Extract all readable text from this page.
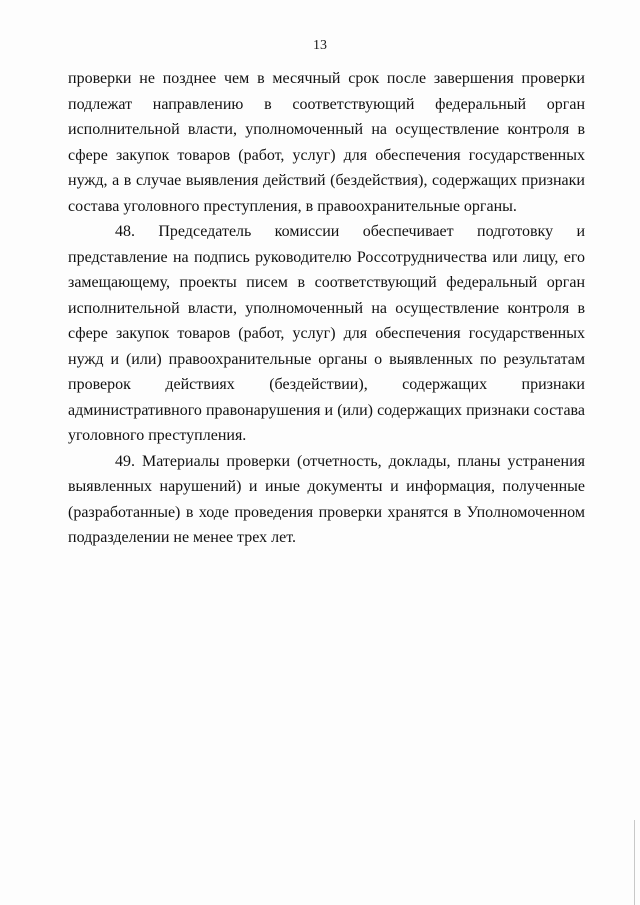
13

проверки не позднее чем в месячный срок после завершения проверки подлежат направлению в соответствующий федеральный орган исполнительной власти, уполномоченный на осуществление контроля в сфере закупок товаров (работ, услуг) для обеспечения государственных нужд, а в случае выявления действий (бездействия), содержащих признаки состава уголовного преступления, в правоохранительные органы.

48. Председатель комиссии обеспечивает подготовку и представление на подпись руководителю Россотрудничества или лицу, его замещающему, проекты писем в соответствующий федеральный орган исполнительной власти, уполномоченный на осуществление контроля в сфере закупок товаров (работ, услуг) для обеспечения государственных нужд и (или) правоохранительные органы о выявленных по результатам проверок действиях (бездействии), содержащих признаки административного правонарушения и (или) содержащих признаки состава уголовного преступления.

49. Материалы проверки (отчетность, доклады, планы устранения выявленных нарушений) и иные документы и информация, полученные (разработанные) в ходе проведения проверки хранятся в Уполномоченном подразделении не менее трех лет.
